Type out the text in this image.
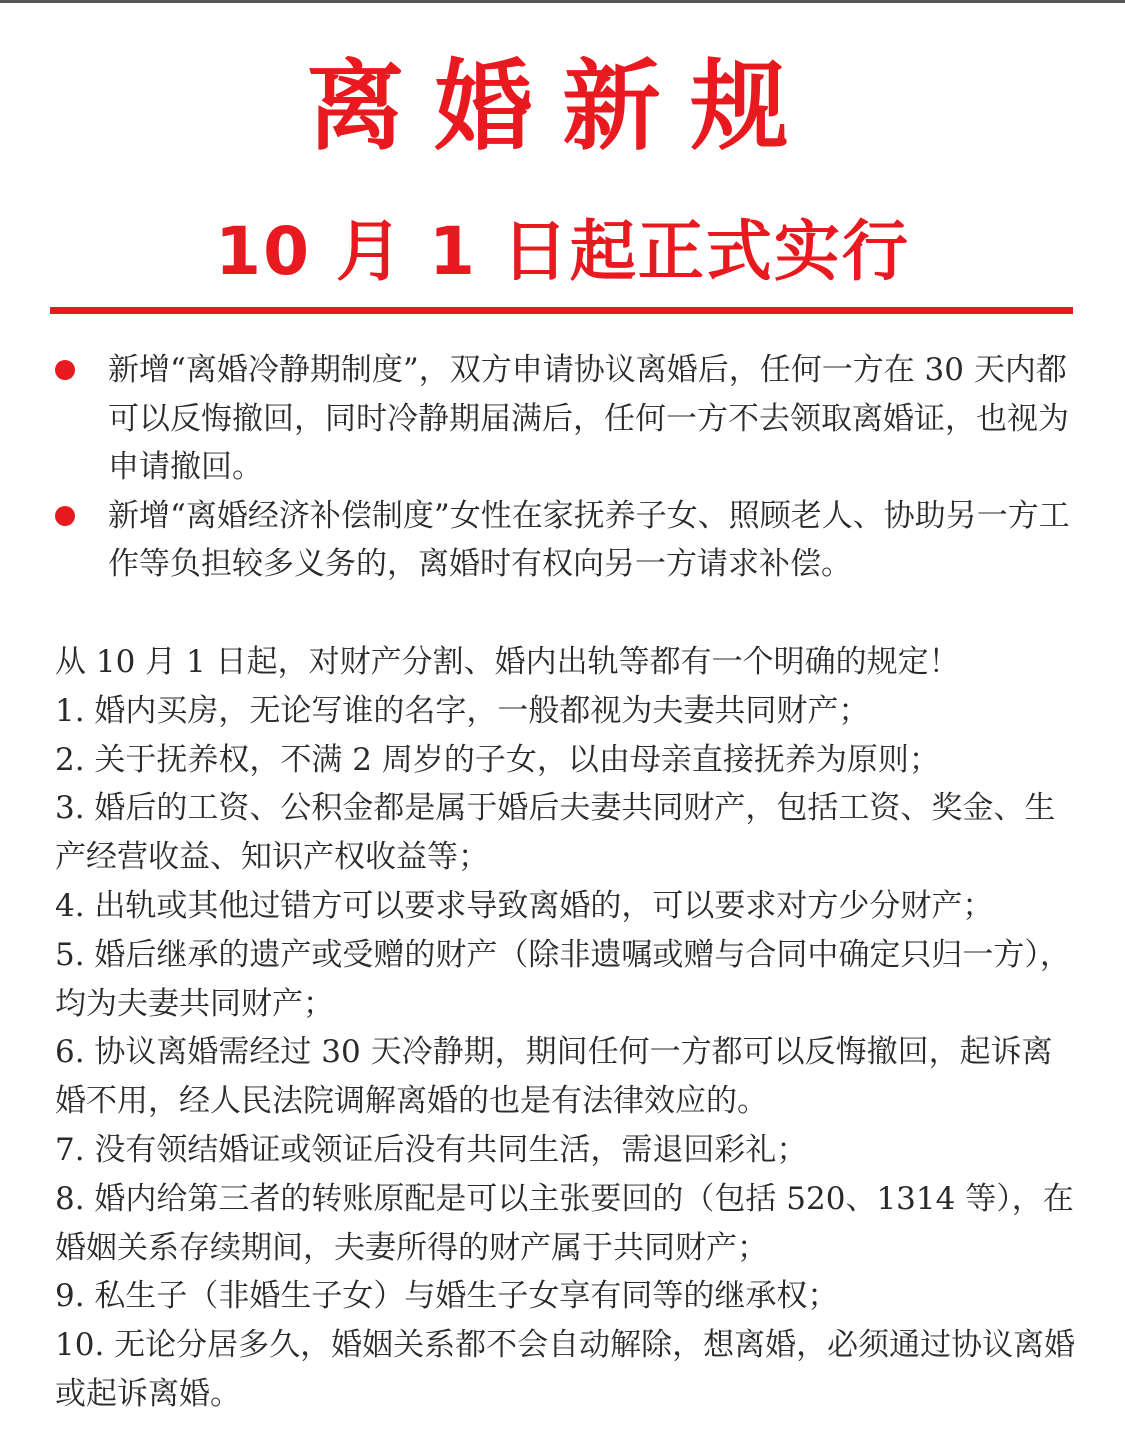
离婚新规
10 月 1 日起正式实行
新增“离婚冷静期制度”，双方申请协议离婚后，任何一方在 30 天内都可以反悔撤回，同时冷静期届满后，任何一方不去领取离婚证，也视为申请撤回。
新增“离婚经济补偿制度”女性在家抚养子女、照顾老人、协助另一方工作等负担较多义务的，离婚时有权向另一方请求补偿。

从 10 月 1 日起，对财产分割、婚内出轨等都有一个明确的规定！

1. 婚内买房，无论写谁的名字，一般都视为夫妻共同财产；

2. 关于抚养权，不满 2 周岁的子女，以由母亲直接抚养为原则；

3. 婚后的工资、公积金都是属于婚后夫妻共同财产，包括工资、奖金、生产经营收益、知识产权收益等；

4. 出轨或其他过错方可以要求导致离婚的，可以要求对方少分财产；

5. 婚后继承的遗产或受赠的财产（除非遗嘱或赠与合同中确定只归一方），均为夫妻共同财产；

6. 协议离婚需经过 30 天冷静期，期间任何一方都可以反悔撤回，起诉离婚不用，经人民法院调解离婚的也是有法律效应的。

7. 没有领结婚证或领证后没有共同生活，需退回彩礼；

8. 婚内给第三者的转账原配是可以主张要回的（包括 520、1314 等），在婚姻关系存续期间，夫妻所得的财产属于共同财产；

9. 私生子（非婚生子女）与婚生子女享有同等的继承权；

10. 无论分居多久，婚姻关系都不会自动解除，想离婚，必须通过协议离婚或起诉离婚。
